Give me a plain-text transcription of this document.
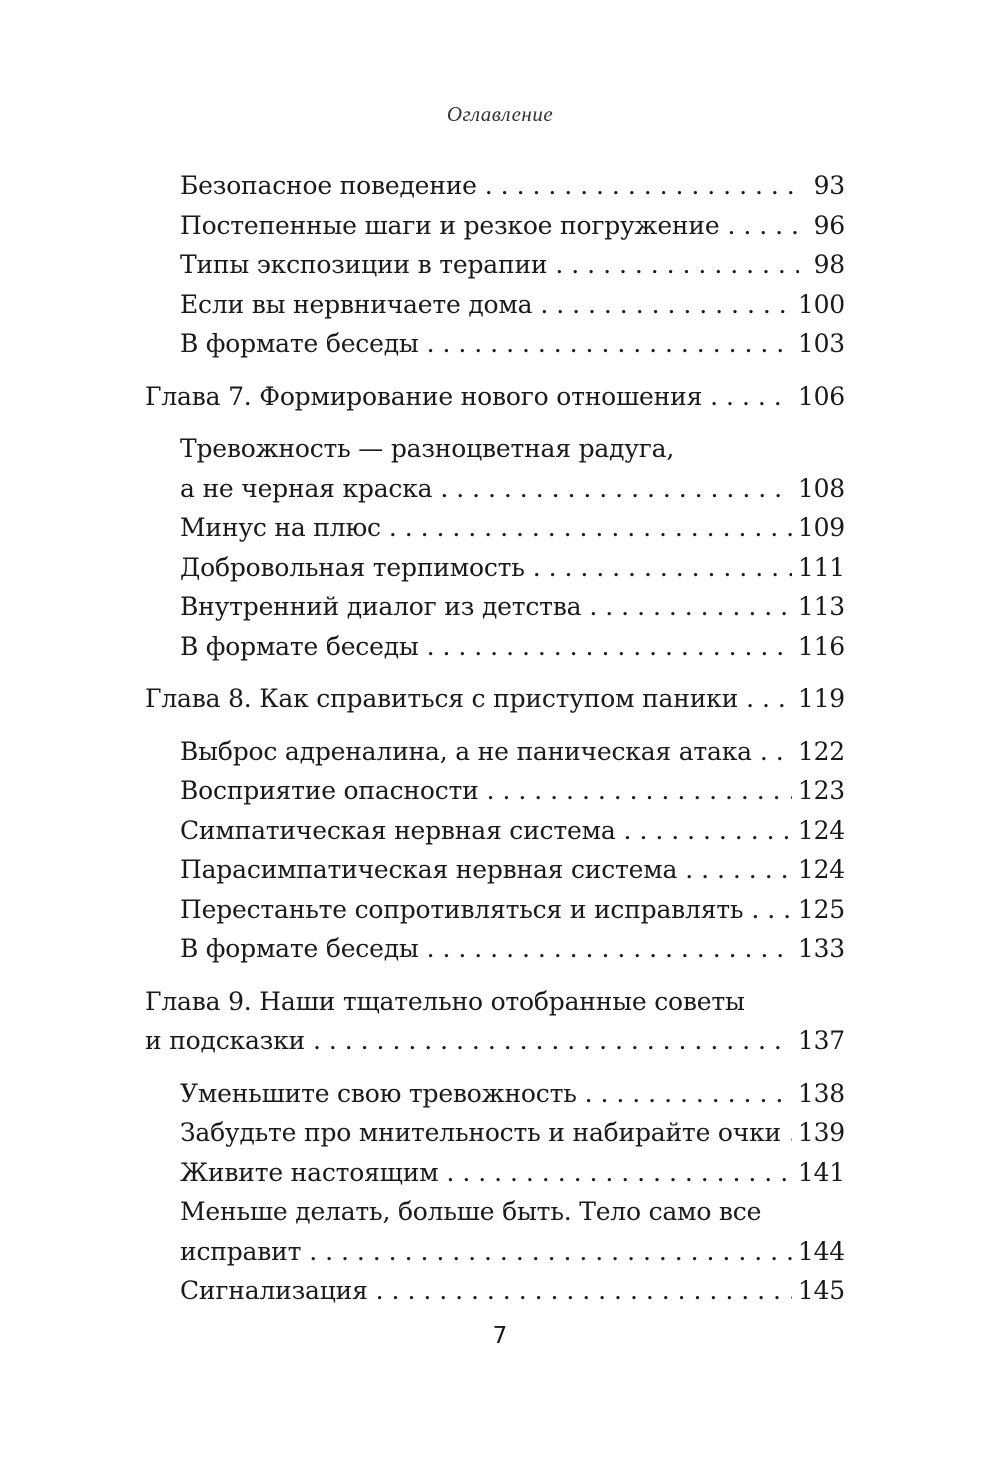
Оглавление
Безопасное поведение . . .	93
Постепенные шаги и резкое погружение . . .	96
Типы экспозиции в терапии . . .	98
Если вы нервничаете дома . . .	100
В формате беседы . . .	103
Глава 7. Формирование нового отношения . . .	106
Тревожность — разноцветная радуга,
а не черная краска . . .	108
Минус на плюс . . .	109
Добровольная терпимость . . .	111
Внутренний диалог из детства . . .	113
В формате беседы . . .	116
Глава 8. Как справиться с приступом паники . . . 119
Выброс адреналина, а не паническая атака . . . 122
Восприятие опасности . . .	123
Симпатическая нервная система . . .	124
Парасимпатическая нервная система . . .	124
Перестаньте сопротивляться и исправлять . . . 125
В формате беседы . . .	133
Глава 9. Наши тщательно отобранные советы
и подсказки . . .	137
Уменьшите свою тревожность . . .	138
Забудьте про мнительность и набирайте очки . . . 139
Живите настоящим . . .	141
Меньше делать, больше быть. Тело само все
исправит . . .	144
Сигнализация . . .	145
7
